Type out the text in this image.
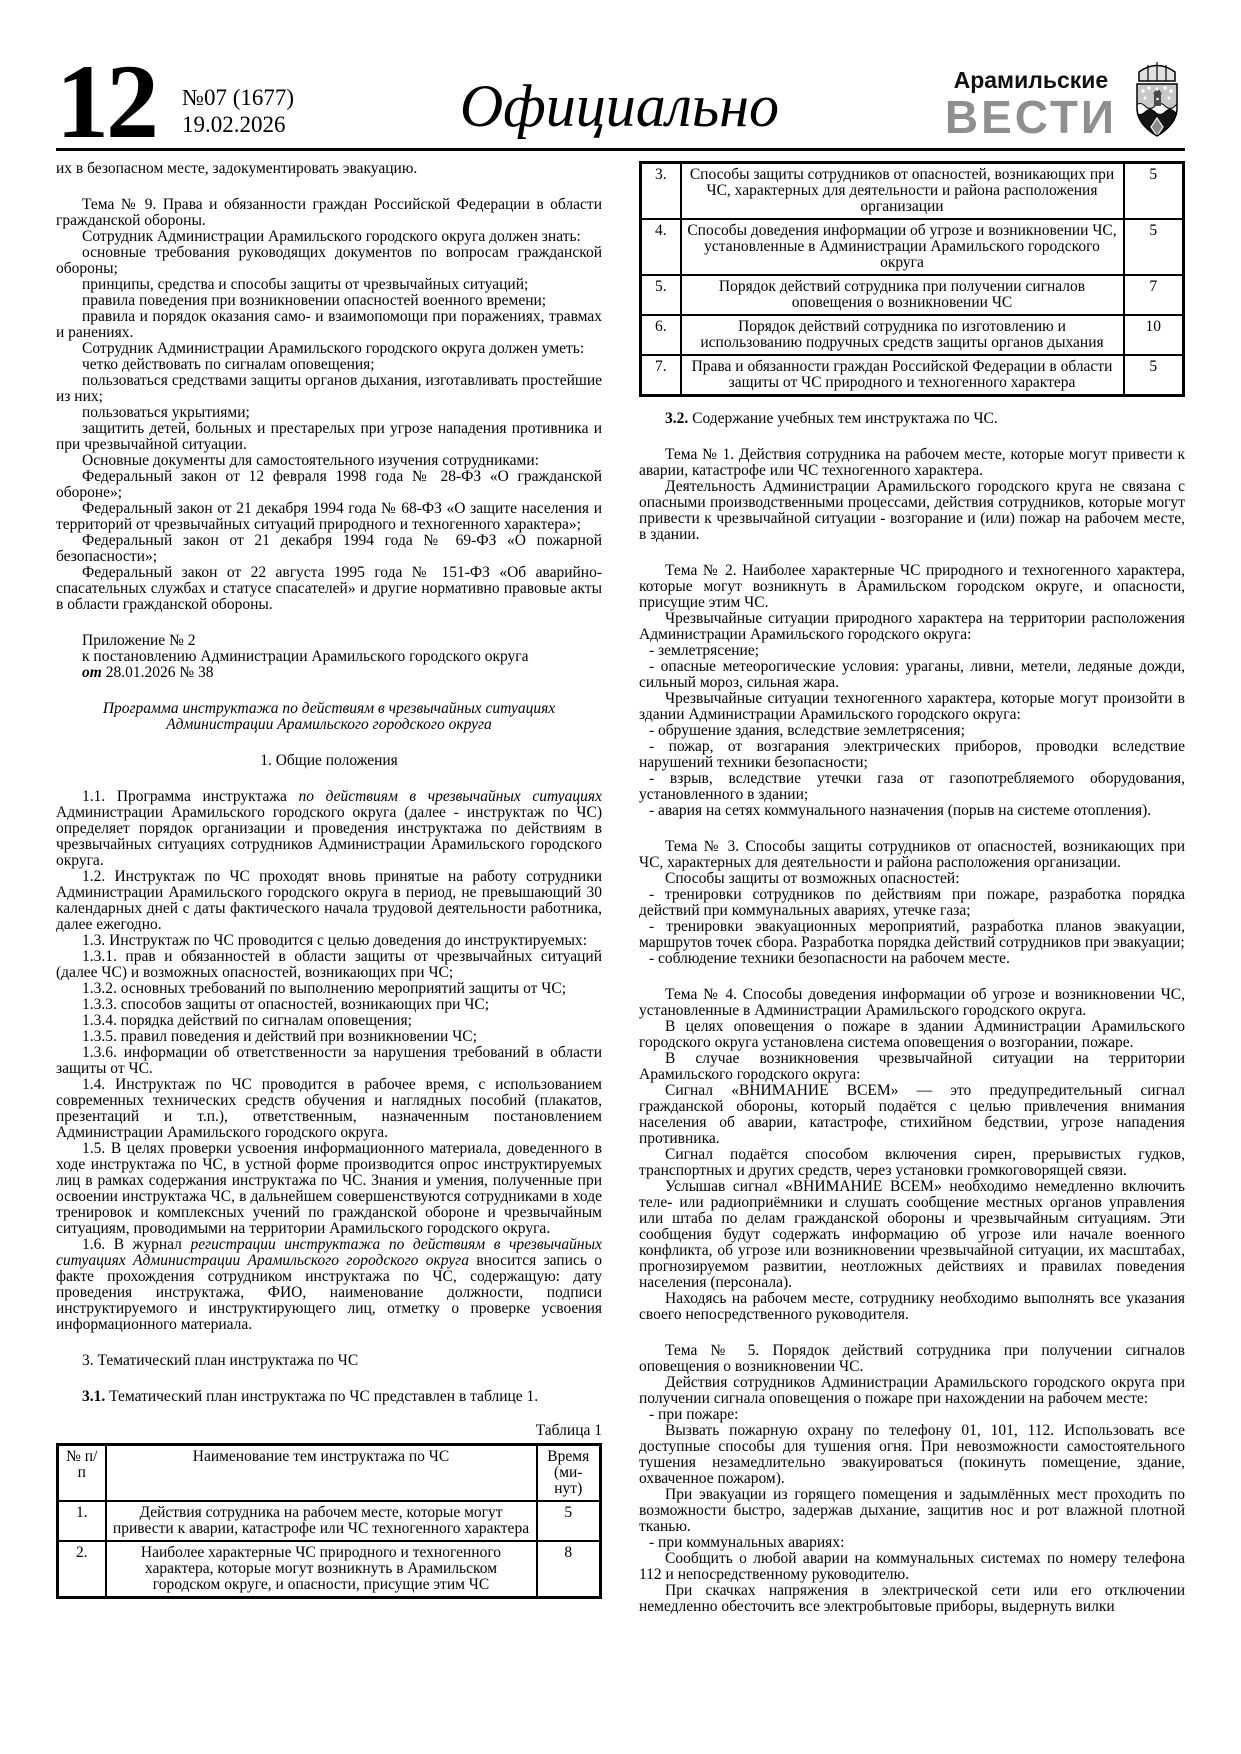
12 №07 (1677)
19.02.2026	Официально	Арамильские
ВЕСТИ
их в безопасном месте, задокументировать эвакуацию.
Тема № 9. Права и обязанности граждан Российской Федерации в области гражданской обороны.
Сотрудник Администрации Арамильского городского округа должен знать:
основные требования руководящих документов по вопросам гражданской обороны;
принципы, средства и способы защиты от чрезвычайных ситуаций;
правила поведения при возникновении опасностей военного времени;
правила и порядок оказания само- и взаимопомощи при поражениях, травмах и ранениях.
Сотрудник Администрации Арамильского городского округа должен уметь:
четко действовать по сигналам оповещения;
пользоваться средствами защиты органов дыхания, изготавливать простейшие из них;
пользоваться укрытиями;
защитить детей, больных и престарелых при угрозе нападения противника и при чрезвычайной ситуации.
Основные документы для самостоятельного изучения сотрудниками:
Федеральный закон от 12 февраля 1998 года № 28-ФЗ «О гражданской обороне»;
Федеральный закон от 21 декабря 1994 года № 68-ФЗ «О защите населения и территорий от чрезвычайных ситуаций природного и техногенного характера»;
Федеральный закон от 21 декабря 1994 года № 69-ФЗ «О пожарной безопасности»;
Федеральный закон от 22 августа 1995 года № 151-ФЗ «Об аварийно-спасательных службах и статусе спасателей» и другие нормативно правовые акты в области гражданской обороны.
Приложение № 2
к постановлению Администрации Арамильского городского округа
от 28.01.2026 № 38
Программа инструктажа по действиям в чрезвычайных ситуациях Администрации Арамильского городского округа
1. Общие положения
1.1. Программа инструктажа по действиям в чрезвычайных ситуациях Администрации Арамильского городского округа (далее - инструктаж по ЧС) определяет порядок организации и проведения инструктажа по действиям в чрезвычайных ситуациях сотрудников Администрации Арамильского городского округа.
1.2. Инструктаж по ЧС проходят вновь принятые на работу сотрудники Администрации Арамильского городского округа в период, не превышающий 30 календарных дней с даты фактического начала трудовой деятельности работника, далее ежегодно.
1.3. Инструктаж по ЧС проводится с целью доведения до инструктируемых:
1.3.1. прав и обязанностей в области защиты от чрезвычайных ситуаций (далее ЧС) и возможных опасностей, возникающих при ЧС;
1.3.2. основных требований по выполнению мероприятий защиты от ЧС;
1.3.3. способов защиты от опасностей, возникающих при ЧС;
1.3.4. порядка действий по сигналам оповещения;
1.3.5. правил поведения и действий при возникновении ЧС;
1.3.6. информации об ответственности за нарушения требований в области защиты от ЧС.
1.4. Инструктаж по ЧС проводится в рабочее время, с использованием современных технических средств обучения и наглядных пособий (плакатов, презентаций и т.п.), ответственным, назначенным постановлением Администрации Арамильского городского округа.
1.5. В целях проверки усвоения информационного материала, доведенного в ходе инструктажа по ЧС, в устной форме производится опрос инструктируемых лиц в рамках содержания инструктажа по ЧС. Знания и умения, полученные при освоении инструктажа ЧС, в дальнейшем совершенствуются сотрудниками в ходе тренировок и комплексных учений по гражданской обороне и чрезвычайным ситуациям, проводимыми на территории Арамильского городского округа.
1.6. В журнал регистрации инструктажа по действиям в чрезвычайных ситуациях Администрации Арамильского городского округа вносится запись о факте прохождения сотрудником инструктажа по ЧС, содержащую: дату проведения инструктажа, ФИО, наименование должности, подписи инструктируемого и инструктирующего лиц, отметку о проверке усвоения информационного материала.
3. Тематический план инструктажа по ЧС
3.1. Тематический план инструктажа по ЧС представлен в таблице 1.
Таблица 1
№ п/п	Наименование тем инструктажа по ЧС	Время (ми-нут)
1.	Действия сотрудника на рабочем месте, которые могут привести к аварии, катастрофе или ЧС техногенного характера	5
2.	Наиболее характерные ЧС природного и техногенного характера, которые могут возникнуть в Арамильском городском округе, и опасности, присущие этим ЧС	8
3.	Способы защиты сотрудников от опасностей, возникающих при ЧС, характерных для деятельности и района расположения организации	5
4.	Способы доведения информации об угрозе и возникновении ЧС, установленные в Администрации Арамильского городского округа	5
5.	Порядок действий сотрудника при получении сигналов оповещения о возникновении ЧС	7
6.	Порядок действий сотрудника по изготовлению и использованию подручных средств защиты органов дыхания	10
7.	Права и обязанности граждан Российской Федерации в области защиты от ЧС природного и техногенного характера	5
3.2. Содержание учебных тем инструктажа по ЧС.
Тема № 1. Действия сотрудника на рабочем месте, которые могут привести к аварии, катастрофе или ЧС техногенного характера.
Деятельность Администрации Арамильского городского круга не связана с опасными производственными процессами, действия сотрудников, которые могут привести к чрезвычайной ситуации - возгорание и (или) пожар на рабочем месте, в здании.
Тема № 2. Наиболее характерные ЧС природного и техногенного характера, которые могут возникнуть в Арамильском городском округе, и опасности, присущие этим ЧС.
Чрезвычайные ситуации природного характера на территории расположения Администрации Арамильского городского округа:
- землетрясение;
- опасные метеорогические условия: ураганы, ливни, метели, ледяные дожди, сильный мороз, сильная жара.
Чрезвычайные ситуации техногенного характера, которые могут произойти в здании Администрации Арамильского городского округа:
- обрушение здания, вследствие землетрясения;
- пожар, от возгарания электрических приборов, проводки вследствие нарушений техники безопасности;
- взрыв, вследствие утечки газа от газопотребляемого оборудования, установленного в здании;
- авария на сетях коммунального назначения (порыв на системе отопления).
Тема № 3. Способы защиты сотрудников от опасностей, возникающих при ЧС, характерных для деятельности и района расположения организации.
Способы защиты от возможных опасностей:
- тренировки сотрудников по действиям при пожаре, разработка порядка действий при коммунальных авариях, утечке газа;
- тренировки эвакуационных мероприятий, разработка планов эвакуации, маршрутов точек сбора. Разработка порядка действий сотрудников при эвакуации;
- соблюдение техники безопасности на рабочем месте.
Тема № 4. Способы доведения информации об угрозе и возникновении ЧС, установленные в Администрации Арамильского городского округа.
В целях оповещения о пожаре в здании Администрации Арамильского городского округа установлена система оповещения о возгорании, пожаре.
В случае возникновения чрезвычайной ситуации на территории Арамильского городского округа:
Сигнал «ВНИМАНИЕ ВСЕМ» — это предупредительный сигнал гражданской обороны, который подаётся с целью привлечения внимания населения об аварии, катастрофе, стихийном бедствии, угрозе нападения противника.
Сигнал подаётся способом включения сирен, прерывистых гудков, транспортных и других средств, через установки громкоговорящей связи.
Услышав сигнал «ВНИМАНИЕ ВСЕМ» необходимо немедленно включить теле- или радиоприёмники и слушать сообщение местных органов управления или штаба по делам гражданской обороны и чрезвычайным ситуациям. Эти сообщения будут содержать информацию об угрозе или начале военного конфликта, об угрозе или возникновении чрезвычайной ситуации, их масштабах, прогнозируемом развитии, неотложных действиях и правилах поведения населения (персонала).
Находясь на рабочем месте, сотруднику необходимо выполнять все указания своего непосредственного руководителя.
Тема № 5. Порядок действий сотрудника при получении сигналов оповещения о возникновении ЧС.
Действия сотрудников Администрации Арамильского городского округа при получении сигнала оповещения о пожаре при нахождении на рабочем месте:
- при пожаре:
Вызвать пожарную охрану по телефону 01, 101, 112. Использовать все доступные способы для тушения огня. При невозможности самостоятельного тушения незамедлительно эвакуироваться (покинуть помещение, здание, охваченное пожаром).
При эвакуации из горящего помещения и задымлённых мест проходить по возможности быстро, задержав дыхание, защитив нос и рот влажной плотной тканью.
- при коммунальных авариях:
Сообщить о любой аварии на коммунальных системах по номеру телефона 112 и непосредственному руководителю.
При скачках напряжения в электрической сети или его отключении немедленно обесточить все электробытовые приборы, выдернуть вилки
